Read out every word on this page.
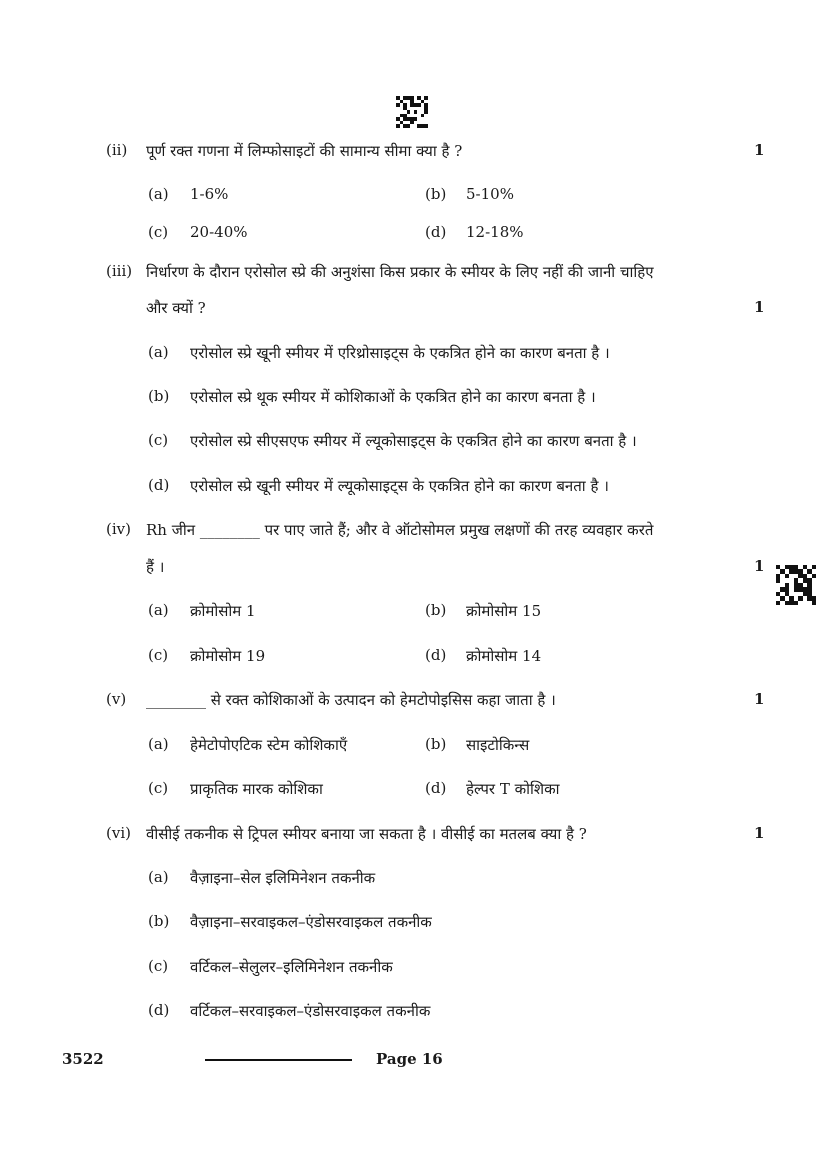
(ii) पूर्ण रक्त गणना में लिम्फोसाइटों की सामान्य सीमा क्या है ?	1
(a) 1-6%	(b) 5-10%
(c) 20-40%	(d) 12-18%
(iii) निर्धारण के दौरान एरोसोल स्प्रे की अनुशंसा किस प्रकार के स्मीयर के लिए नहीं की जानी चाहिए
और क्यों ?	1
(a) एरोसोल स्प्रे खूनी स्मीयर में एरिथ्रोसाइट्स के एकत्रित होने का कारण बनता है ।
(b) एरोसोल स्प्रे थूक स्मीयर में कोशिकाओं के एकत्रित होने का कारण बनता है ।
(c) एरोसोल स्प्रे सीएसएफ स्मीयर में ल्यूकोसाइट्स के एकत्रित होने का कारण बनता है ।
(d) एरोसोल स्प्रे खूनी स्मीयर में ल्यूकोसाइट्स के एकत्रित होने का कारण बनता है ।
(iv) Rh जीन ________ पर पाए जाते हैं; और वे ऑटोसोमल प्रमुख लक्षणों की तरह व्यवहार करते
हैं ।	1
(a) क्रोमोसोम 1	(b) क्रोमोसोम 15
(c) क्रोमोसोम 19	(d) क्रोमोसोम 14
(v) ________ से रक्त कोशिकाओं के उत्पादन को हेमटोपोइसिस कहा जाता है ।	1
(a) हेमेटोपोएटिक स्टेम कोशिकाएँ	(b) साइटोकिन्स
(c) प्राकृतिक मारक कोशिका	(d) हेल्पर T कोशिका
(vi) वीसीई तकनीक से ट्रिपल स्मीयर बनाया जा सकता है । वीसीई का मतलब क्या है ?	1
(a) वैज़ाइना–सेल इलिमिनेशन तकनीक
(b) वैज़ाइना–सरवाइकल–एंडोसरवाइकल तकनीक
(c) वर्टिकल–सेलुलर–इलिमिनेशन तकनीक
(d) वर्टिकल–सरवाइकल–एंडोसरवाइकल तकनीक
3522	Page 16
